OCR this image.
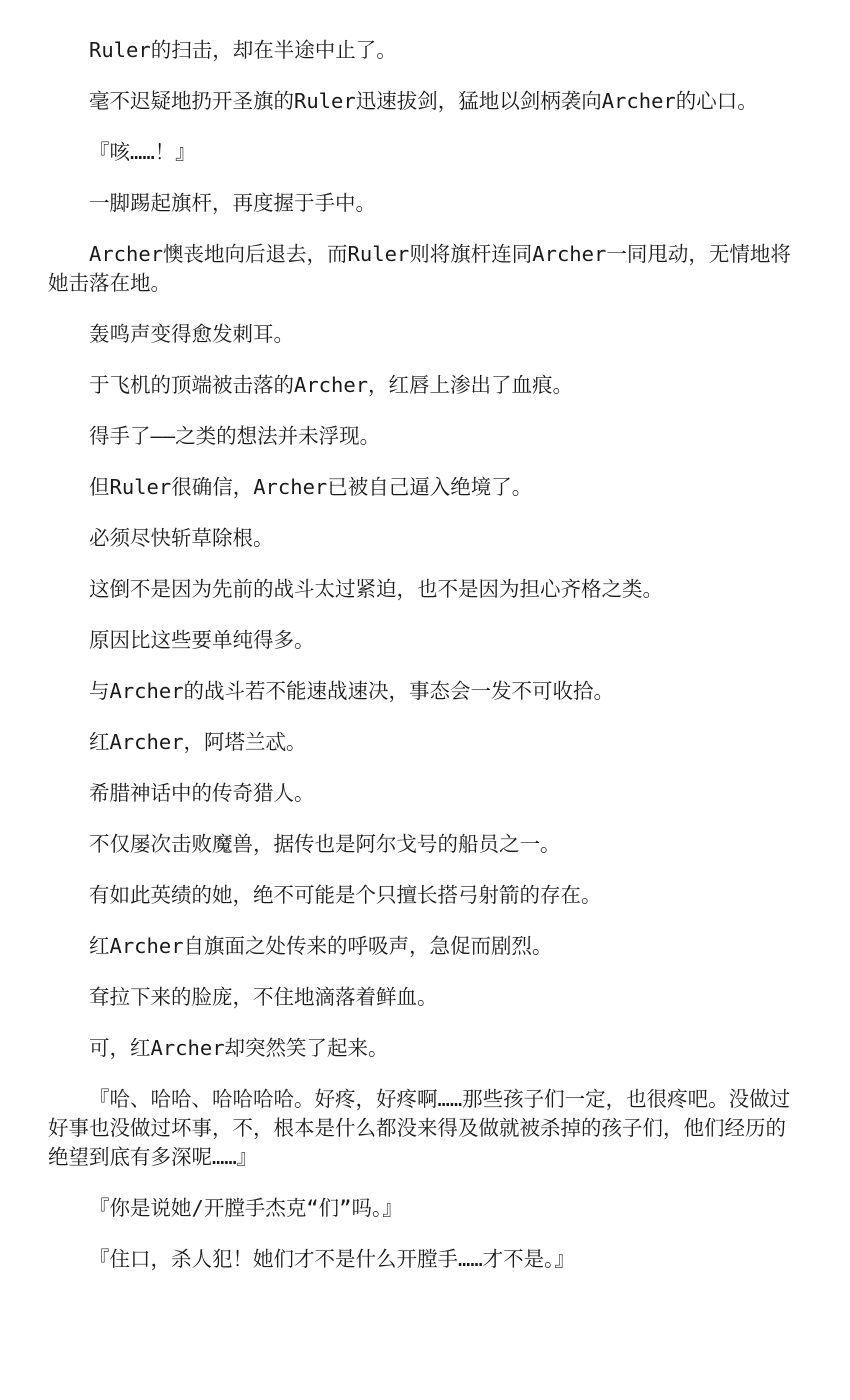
Ruler的扫击，却在半途中止了。

毫不迟疑地扔开圣旗的Ruler迅速拔剑，猛地以剑柄袭向Archer的心口。

『咳……！』

一脚踢起旗杆，再度握于手中。

Archer懊丧地向后退去，而Ruler则将旗杆连同Archer一同甩动，无情地将她击落在地。

轰鸣声变得愈发刺耳。

于飞机的顶端被击落的Archer，红唇上渗出了血痕。

得手了——之类的想法并未浮现。

但Ruler很确信，Archer已被自己逼入绝境了。

必须尽快斩草除根。

这倒不是因为先前的战斗太过紧迫，也不是因为担心齐格之类。

原因比这些要单纯得多。

与Archer的战斗若不能速战速决，事态会一发不可收拾。

红Archer，阿塔兰忒。

希腊神话中的传奇猎人。

不仅屡次击败魔兽，据传也是阿尔戈号的船员之一。

有如此英绩的她，绝不可能是个只擅长搭弓射箭的存在。

红Archer自旗面之处传来的呼吸声，急促而剧烈。

耷拉下来的脸庞，不住地滴落着鲜血。

可，红Archer却突然笑了起来。

『哈、哈哈、哈哈哈哈。好疼，好疼啊……那些孩子们一定，也很疼吧。没做过好事也没做过坏事，不，根本是什么都没来得及做就被杀掉的孩子们，他们经历的绝望到底有多深呢……』

『你是说她/开膛手杰克“们”吗。』

『住口，杀人犯！她们才不是什么开膛手……才不是。』
